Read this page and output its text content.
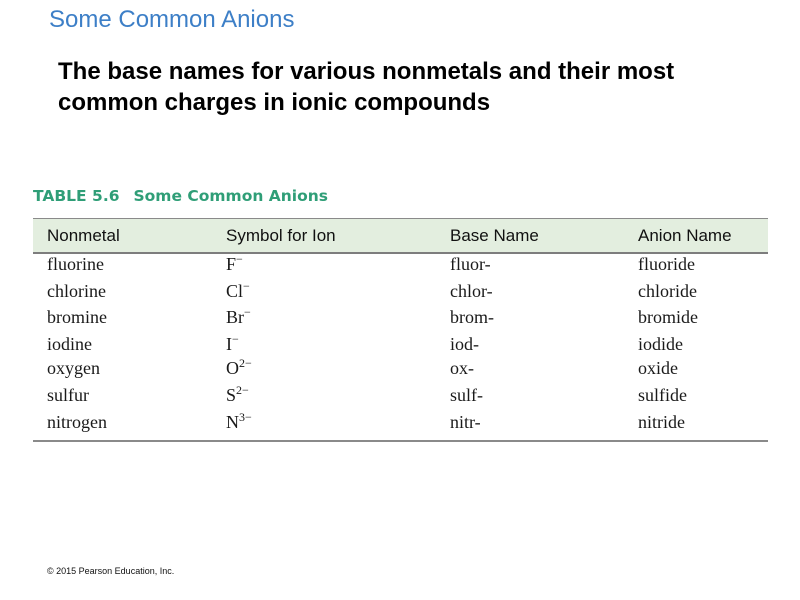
Some Common Anions

The base names for various nonmetals and their most common charges in ionic compounds

TABLE 5.6 Some Common Anions
Nonmetal	Symbol for Ion	Base Name	Anion Name
fluorine	F−	fluor-	fluoride
chlorine	Cl−	chlor-	chloride
bromine	Br−	brom-	bromide
iodine	I−	iod-	iodide
oxygen	$O^{2-}$	ox-	oxide
sulfur	$S^{2-}$	sulf-	sulfide
nitrogen	$N^{3-}$	nitr-	nitride
© 2015 Pearson Education, Inc.
